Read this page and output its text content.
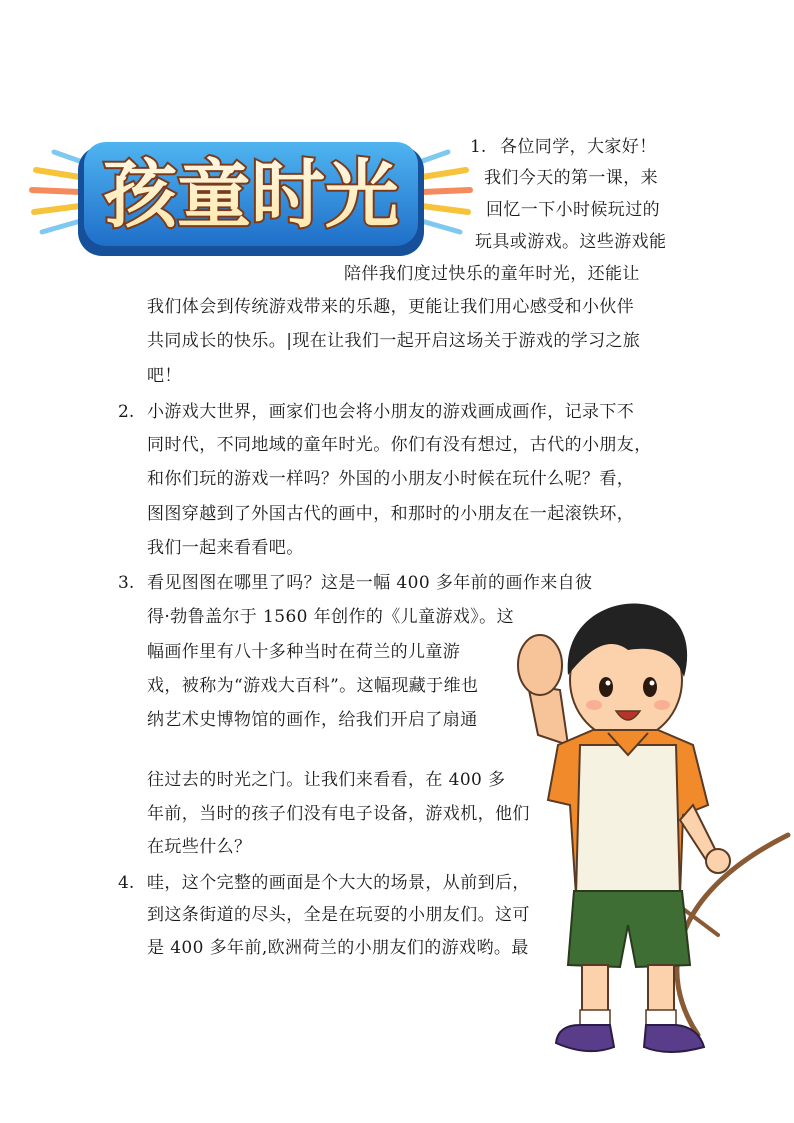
孩童时光
1. 各位同学，大家好！
我们今天的第一课，来
回忆一下小时候玩过的
玩具或游戏。这些游戏能
陪伴我们度过快乐的童年时光，还能让
我们体会到传统游戏带来的乐趣，更能让我们用心感受和小伙伴
共同成长的快乐。|现在让我们一起开启这场关于游戏的学习之旅
吧！
2. 小游戏大世界，画家们也会将小朋友的游戏画成画作，记录下不
同时代，不同地域的童年时光。你们有没有想过，古代的小朋友，
和你们玩的游戏一样吗？外国的小朋友小时候在玩什么呢？看，
图图穿越到了外国古代的画中，和那时的小朋友在一起滚铁环，
我们一起来看看吧。
3. 看见图图在哪里了吗？这是一幅 400 多年前的画作来自彼
得·勃鲁盖尔于 1560 年创作的《儿童游戏》。这
幅画作里有八十多种当时在荷兰的儿童游
戏，被称为“游戏大百科”。这幅现藏于维也
纳艺术史博物馆的画作，给我们开启了扇通
往过去的时光之门。让我们来看看，在 400 多
年前，当时的孩子们没有电子设备，游戏机，他们
在玩些什么？
4. 哇，这个完整的画面是个大大的场景，从前到后，
到这条街道的尽头，全是在玩耍的小朋友们。这可
是 400 多年前,欧洲荷兰的小朋友们的游戏哟。最
